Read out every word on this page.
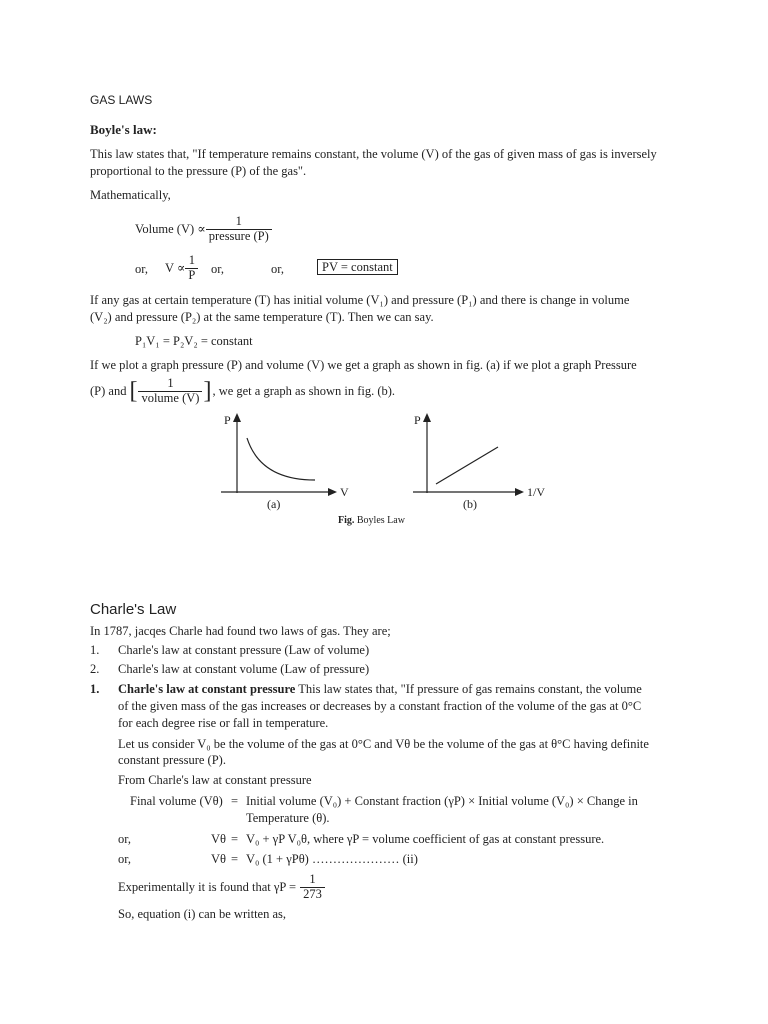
GAS LAWS
Boyle's law:
This law states that, "If temperature remains constant, the volume (V) of the gas of given mass of gas is inversely
proportional to the pressure (P) of the gas".
Mathematically,
Volume $(V) \propto \frac{1}{\text{pressure (P)}}$
or, $V \propto \frac{1}{P}$ or,	or,	PV = constant
If any gas at certain temperature (T) has initial volume (V₁) and pressure (P₁) and there is change in volume
(V₂) and pressure (P₂) at the same temperature (T). Then we can say.
P₁V₁ = P₂V₂ = constant
If we plot a graph pressure (P) and volume (V) we get a graph as shown in fig. (a) if we plot a graph Pressure
(P) and [ $\frac{1}{\text{volume (V)}}$ ] , we get a graph as shown in fig. (b).
P
V
(a)
P
1/V
(b)
Fig. Boyles Law
Charle's Law
In 1787, jacqes Charle had found two laws of gas. They are;
1. Charle's law at constant pressure (Law of volume)
2. Charle's law at constant volume (Law of pressure)
1. Charle's law at constant pressure This law states that, "If pressure of gas remains constant, the volume
of the given mass of the gas increases or decreases by a constant fraction of the volume of the gas at 0°C
for each degree rise or fall in temperature.
Let us consider V₀ be the volume of the gas at 0°C and Vθ be the volume of the gas at θ°C having definite
constant pressure (P).
From Charle's law at constant pressure
Final volume (Vθ) = Initial volume (V₀) + Constant fraction (γP) × Initial volume (V₀) × Change in
Temperature (θ).
or,	Vθ = V₀ + γP V₀θ, where γP = volume coefficient of gas at constant pressure.
or,	Vθ = V₀ (1 + γPθ) ………………… (ii)
Experimentally it is found that $\gamma P = \frac{1}{273}$
So, equation (i) can be written as,
